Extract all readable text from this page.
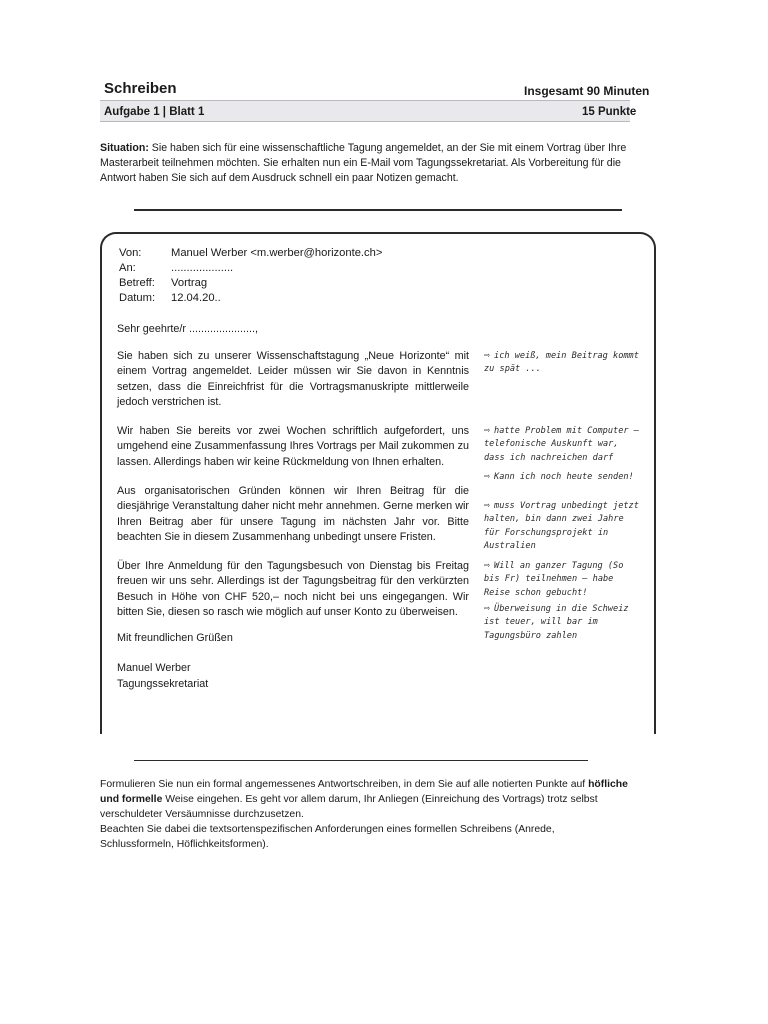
Schreiben	Insgesamt 90 Minuten
Aufgabe 1 | Blatt 1	15 Punkte
Situation: Sie haben sich für eine wissenschaftliche Tagung angemeldet, an der Sie mit einem Vortrag über Ihre Masterarbeit teilnehmen möchten. Sie erhalten nun ein E-Mail vom Tagungssekretariat. Als Vorbereitung für die Antwort haben Sie sich auf dem Ausdruck schnell ein paar Notizen gemacht.
Von:	Manuel Werber <m.werber@horizonte.ch>
An:	....................
Betreff: Vortrag
Datum: 12.04.20..
Sehr geehrte/r ......................,
Sie haben sich zu unserer Wissenschaftstagung „Neue Horizonte“ mit einem Vortrag angemeldet. Leider müssen wir Sie davon in Kenntnis setzen, dass die Einreichfrist für die Vortragsmanuskripte mittlerweile jedoch verstrichen ist.
Wir haben Sie bereits vor zwei Wochen schriftlich aufgefordert, uns umgehend eine Zusammenfassung Ihres Vortrags per Mail zukommen zu lassen. Allerdings haben wir keine Rückmeldung von Ihnen erhalten.
Aus organisatorischen Gründen können wir Ihren Beitrag für die diesjährige Veranstaltung daher nicht mehr annehmen. Gerne merken wir Ihren Beitrag aber für unsere Tagung im nächsten Jahr vor. Bitte beachten Sie in diesem Zusammenhang unbedingt unsere Fristen.
Über Ihre Anmeldung für den Tagungsbesuch von Dienstag bis Freitag freuen wir uns sehr. Allerdings ist der Tagungsbeitrag für den verkürzten Besuch in Höhe von CHF 520,– noch nicht bei uns eingegangen. Wir bitten Sie, diesen so rasch wie möglich auf unser Konto zu überweisen.
Mit freundlichen Grüßen
Manuel Werber
Tagungssekretariat
⇨ ich weiß, mein Beitrag kommt zu spät ...
⇨ hatte Problem mit Computer – telefonische Auskunft war, dass ich nachreichen darf
⇨ Kann ich noch heute senden!
⇨ muss Vortrag unbedingt jetzt halten, bin dann zwei Jahre für Forschungsprojekt in Australien
⇨ Will an ganzer Tagung (So bis Fr) teilnehmen – habe Reise schon gebucht!
⇨ Überweisung in die Schweiz ist teuer, will bar im Tagungsbüro zahlen
Formulieren Sie nun ein formal angemessenes Antwortschreiben, in dem Sie auf alle notierten Punkte auf höfliche und formelle Weise eingehen. Es geht vor allem darum, Ihr Anliegen (Einreichung des Vortrags) trotz selbst verschuldeter Versäumnisse durchzusetzen.
Beachten Sie dabei die textsortenspezifischen Anforderungen eines formellen Schreibens (Anrede, Schlussformeln, Höflichkeitsformen).
